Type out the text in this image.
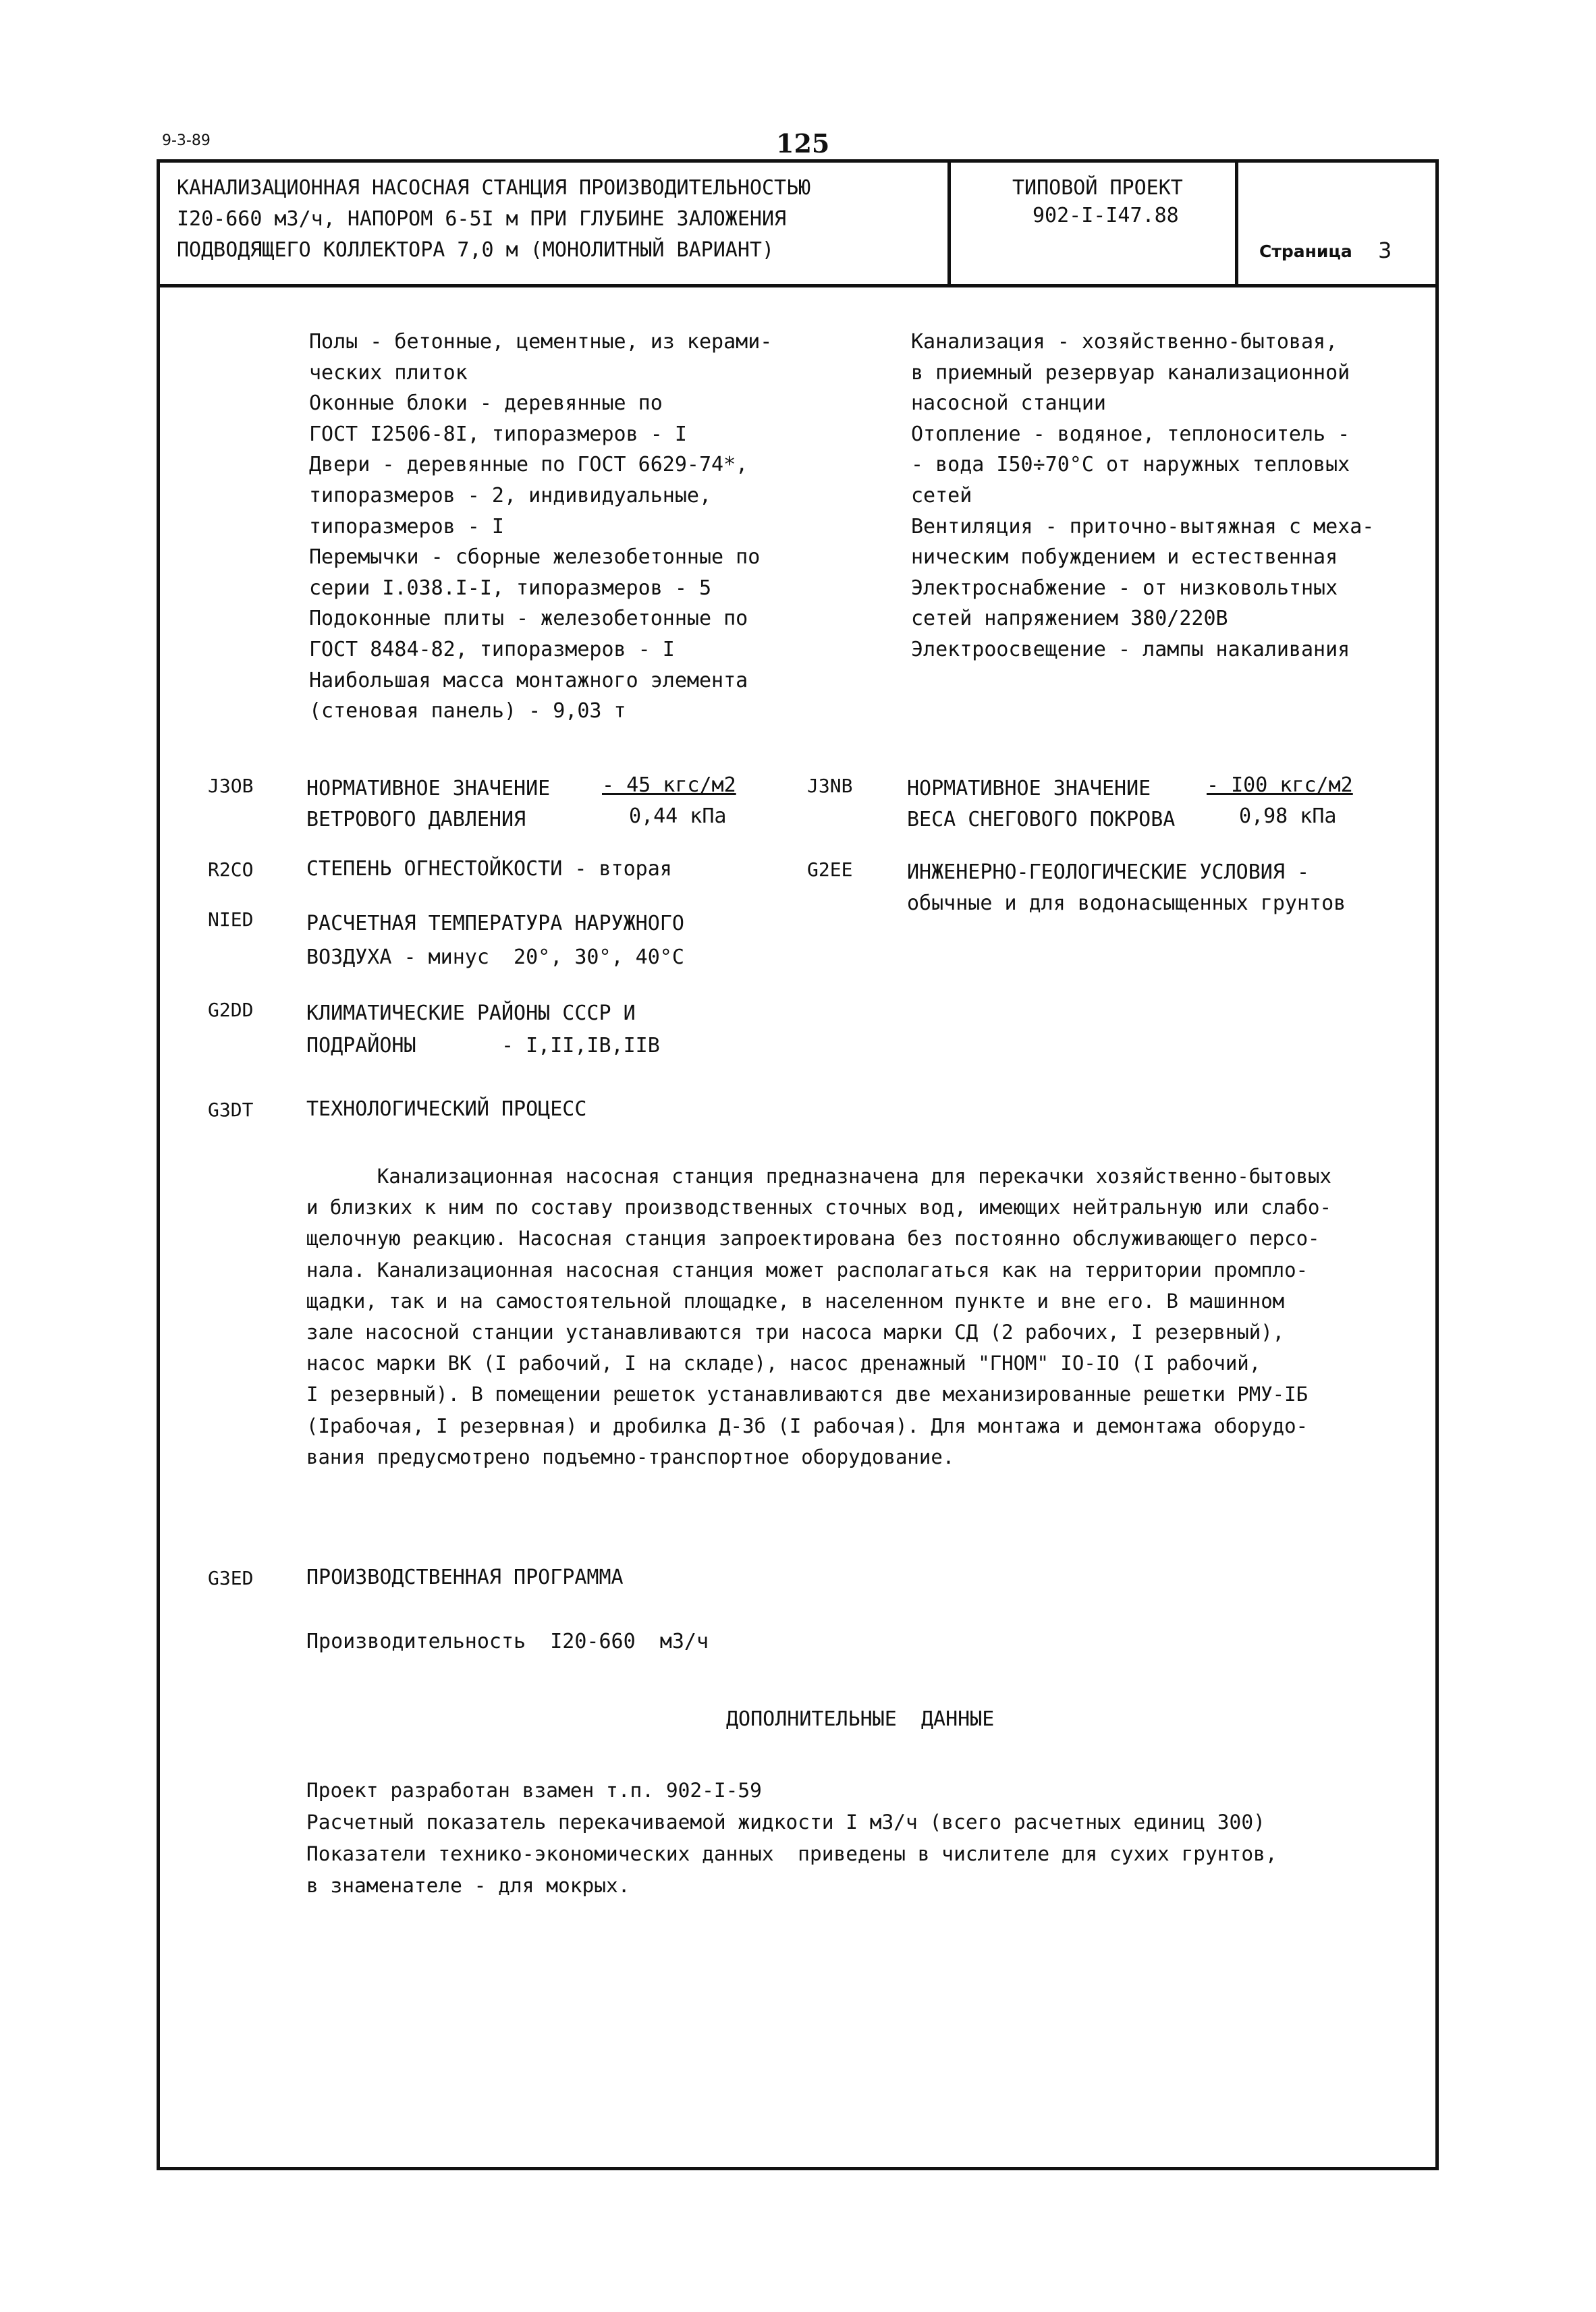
9-3-89	125
КАНАЛИЗАЦИОННАЯ НАСОСНАЯ СТАНЦИЯ ПРОИЗВОДИТЕЛЬНОСТЬЮ
I20-660 м3/ч, НАПОРОМ 6-5I м ПРИ ГЛУБИНЕ ЗАЛОЖЕНИЯ
ПОДВОДЯЩЕГО КОЛЛЕКТОРА 7,0 м (МОНОЛИТНЫЙ ВАРИАНТ)
ТИПОВОЙ ПРОЕКТ
902-I-I47.88
Страница 3
Полы - бетонные, цементные, из керами-
ческих плиток
Оконные блоки - деревянные по
ГОСТ I2506-8I, типоразмеров - I
Двери - деревянные по ГОСТ 6629-74*,
типоразмеров - 2, индивидуальные,
типоразмеров - I
Перемычки - сборные железобетонные по
серии I.038.I-I, типоразмеров - 5
Подоконные плиты - железобетонные по
ГОСТ 8484-82, типоразмеров - I
Наибольшая масса монтажного элемента
(стеновая панель) - 9,03 т
Канализация - хозяйственно-бытовая,
в приемный резервуар канализационной
насосной станции
Отопление - водяное, теплоноситель -
- вода I50÷70°С от наружных тепловых
сетей
Вентиляция - приточно-вытяжная с меха-
ническим побуждением и естественная
Электроснабжение - от низковольтных
сетей напряжением 380/220В
Электроосвещение - лампы накаливания
J3OB	НОРМАТИВНОЕ ЗНАЧЕНИЕ
ВЕТРОВОГО ДАВЛЕНИЯ
- 45 кгс/м2
0,44 кПа
J3NB	НОРМАТИВНОЕ ЗНАЧЕНИЕ
ВЕСА СНЕГОВОГО ПОКРОВА
- I00 кгс/м2
0,98 кПа
R2CO	СТЕПЕНЬ ОГНЕСТОЙКОСТИ - вторая	G2EE	ИНЖЕНЕРНО-ГЕОЛОГИЧЕСКИЕ УСЛОВИЯ -
обычные и для водонасыщенных грунтов
NIED	РАСЧЕТНАЯ ТЕМПЕРАТУРА НАРУЖНОГО
ВОЗДУХА - минус  20°, 30°, 40°С
G2DD	КЛИМАТИЧЕСКИЕ РАЙОНЫ СССР И
ПОДРАЙОНЫ       - I,II,IВ,IIВ
G3DT	ТЕХНОЛОГИЧЕСКИЙ ПРОЦЕСС
Канализационная насосная станция предназначена для перекачки хозяйственно-бытовых
и близких к ним по составу производственных сточных вод, имеющих нейтральную или слабо-
щелочную реакцию. Насосная станция запроектирована без постоянно обслуживающего персо-
нала. Канализационная насосная станция может располагаться как на территории промпло-
щадки, так и на самостоятельной площадке, в населенном пункте и вне его. В машинном
зале насосной станции устанавливаются три насоса марки СД (2 рабочих, I резервный),
насос марки ВК (I рабочий, I на складе), насос дренажный "ГНОМ" IO-IO (I рабочий,
I резервный). В помещении решеток устанавливаются две механизированные решетки РМУ-IБ
(Iрабочая, I резервная) и дробилка Д-3б (I рабочая). Для монтажа и демонтажа оборудо-
вания предусмотрено подъемно-транспортное оборудование.
G3ED	ПРОИЗВОДСТВЕННАЯ ПРОГРАММА
Производительность  I20-660  м3/ч
ДОПОЛНИТЕЛЬНЫЕ  ДАННЫЕ
Проект разработан взамен т.п. 902-I-59
Расчетный показатель перекачиваемой жидкости I м3/ч (всего расчетных единиц 300)
Показатели технико-экономических данных  приведены в числителе для сухих грунтов,
в знаменателе - для мокрых.
